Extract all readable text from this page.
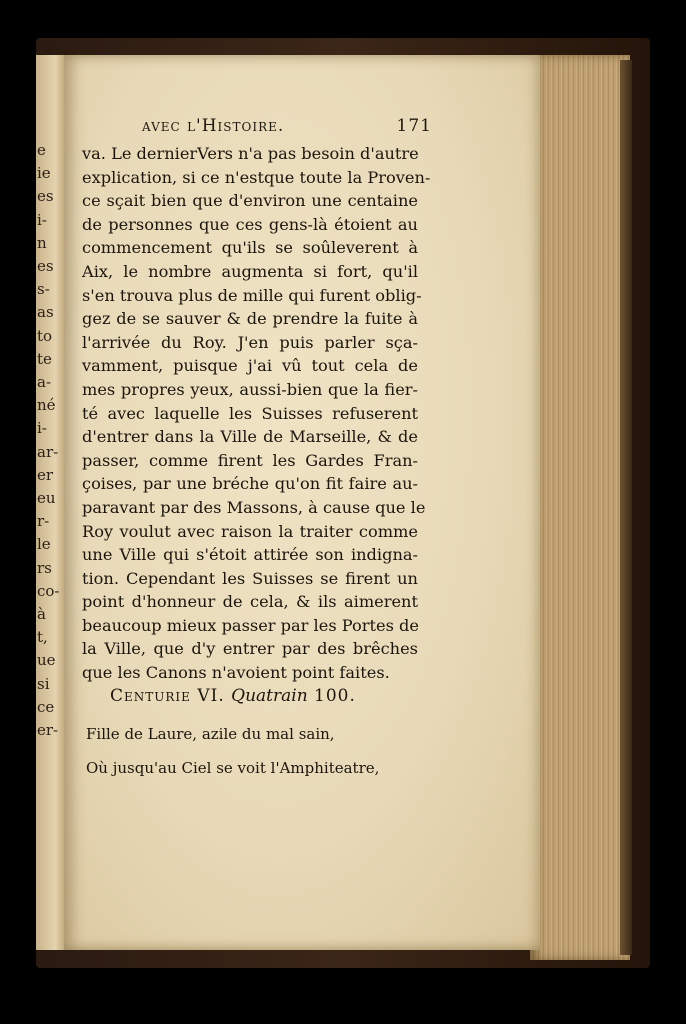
e
ie
es
i-
n
es
s-
as
to
te
a-
né
i-
ar-
er
eu
r-
le
rs
co-
à
t,
ue
si
ce
er-
avec l'Histoire.	171
va. Le dernierVers n'a pas besoin d'autre
explication, si ce n'estque toute la Proven-
ce sçait bien que d'environ une centaine
de personnes que ces gens-là étoient au
commencement qu'ils se soûleverent à
Aix, le nombre augmenta si fort, qu'il
s'en trouva plus de mille qui furent oblig-
gez de se sauver & de prendre la fuite à
l'arrivée du Roy. J'en puis parler sça-
vamment, puisque j'ai vû tout cela de
mes propres yeux, aussi-bien que la fier-
té avec laquelle les Suisses refuserent
d'entrer dans la Ville de Marseille, & de
passer, comme firent les Gardes Fran-
çoises, par une bréche qu'on fit faire au-
paravant par des Massons, à cause que le
Roy voulut avec raison la traiter comme
une Ville qui s'étoit attirée son indigna-
tion. Cependant les Suisses se firent un
point d'honneur de cela, & ils aimerent
beaucoup mieux passer par les Portes de
la Ville, que d'y entrer par des brêches
que les Canons n'avoient point faites.
Centurie VI. Quatrain 100.
Fille de Laure, azile du mal sain,
Où jusqu'au Ciel se voit l'Amphiteatre,
